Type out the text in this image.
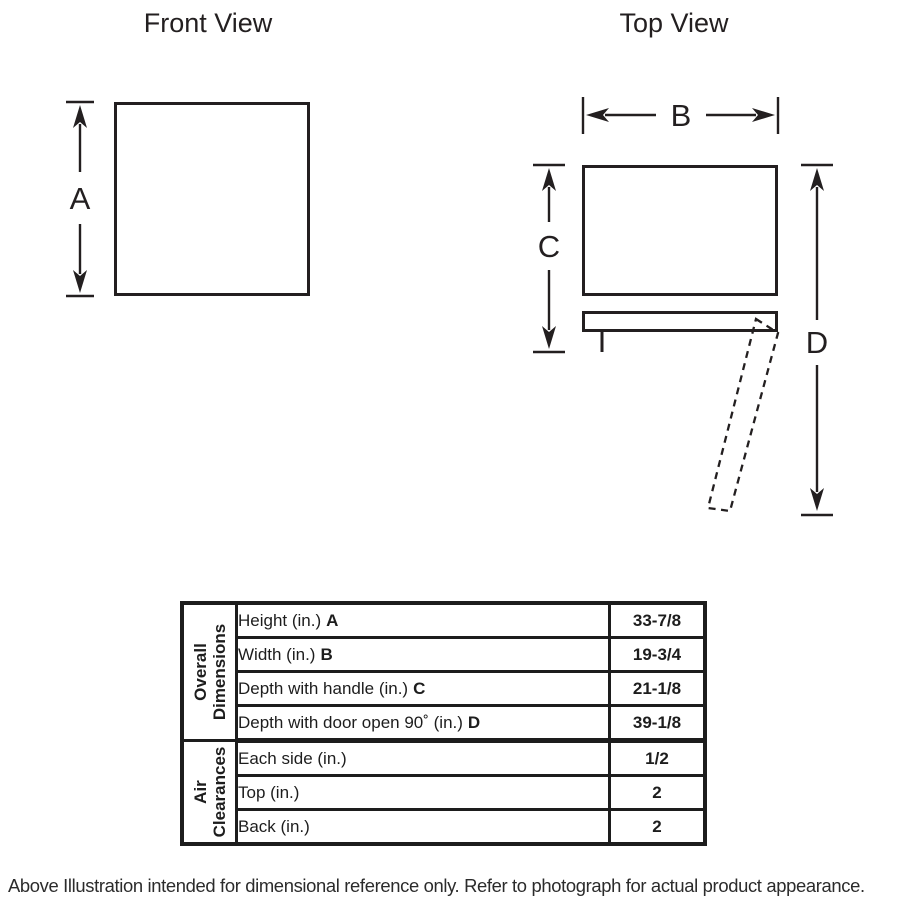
Front View	Top View
A
B
C
D
Overall Dimensions	Height (in.) A	33-7/8
	Width (in.) B	19-3/4
	Depth with handle (in.) C	21-1/8
	Depth with door open 90˚ (in.) D	39-1/8

Air Clearances	Each side (in.)	1/2
	Top (in.)	2
	Back (in.)	2
Above Illustration intended for dimensional reference only. Refer to photograph for actual product appearance.
